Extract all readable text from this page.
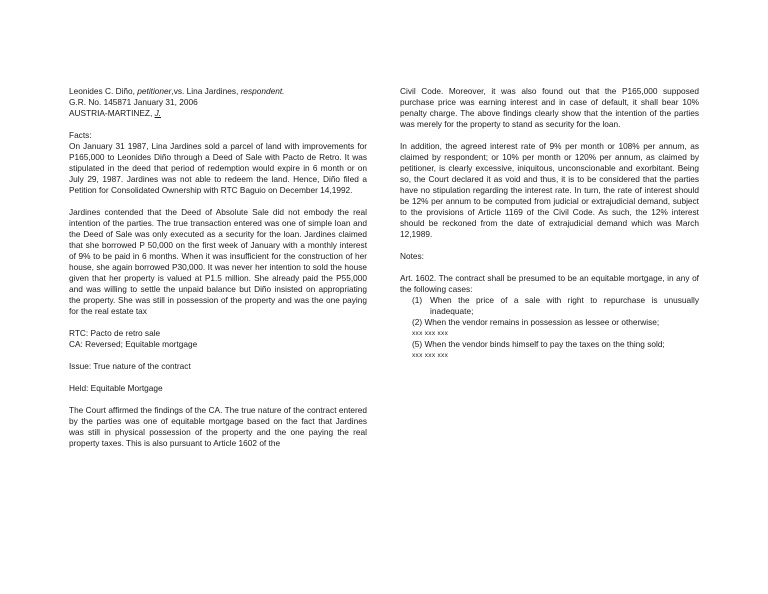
Leonides C. Diño, petitioner,vs. Lina Jardines, respondent.

G.R. No. 145871 January 31, 2006

AUSTRIA-MARTINEZ, J.

Facts:

On January 31 1987, Lina Jardines sold a parcel of land with improvements for P165,000 to Leonides Diño through a Deed of Sale with Pacto de Retro. It was stipulated in the deed that period of redemption would expire in 6 month or on July 29, 1987. Jardines was not able to redeem the land. Hence, Diño filed a Petition for Consolidated Ownership with RTC Baguio on December 14,1992.

Jardines contended that the Deed of Absolute Sale did not embody the real intention of the parties. The true transaction entered was one of simple loan and the Deed of Sale was only executed as a security for the loan. Jardines claimed that she borrowed P 50,000 on the first week of January with a monthly interest of 9% to be paid in 6 months. When it was insufficient for the construction of her house, she again borrowed P30,000. It was never her intention to sold the house given that her property is valued at P1.5 million. She already paid the P55,000 and was willing to settle the unpaid balance but Diño insisted on appropriating the property. She was still in possession of the property and was the one paying for the real estate tax

RTC: Pacto de retro sale

CA: Reversed; Equitable mortgage

Issue: True nature of the contract

Held: Equitable Mortgage

The Court affirmed the findings of the CA. The true nature of the contract entered by the parties was one of equitable mortgage based on the fact that Jardines was still in physical possession of the property and the one paying the real property taxes. This is also pursuant to Article 1602 of the

Civil Code. Moreover, it was also found out that the P165,000 supposed purchase price was earning interest and in case of default, it shall bear 10% penalty charge. The above findings clearly show that the intention of the parties was merely for the property to stand as security for the loan.

In addition, the agreed interest rate of 9% per month or 108% per annum, as claimed by respondent; or 10% per month or 120% per annum, as claimed by petitioner, is clearly excessive, iniquitous, unconscionable and exorbitant. Being so, the Court declared it as void and thus, it is to be considered that the parties have no stipulation regarding the interest rate. In turn, the rate of interest should be 12% per annum to be computed from judicial or extrajudicial demand, subject to the provisions of Article 1169 of the Civil Code. As such, the 12% interest should be reckoned from the date of extrajudicial demand which was March 12,1989.

Notes:

Art. 1602. The contract shall be presumed to be an equitable mortgage, in any of the following cases:

(1) When the price of a sale with right to repurchase is unusually inadequate;

(2) When the vendor remains in possession as lessee or otherwise;

xxx xxx xxx

(5) When the vendor binds himself to pay the taxes on the thing sold;

xxx xxx xxx
